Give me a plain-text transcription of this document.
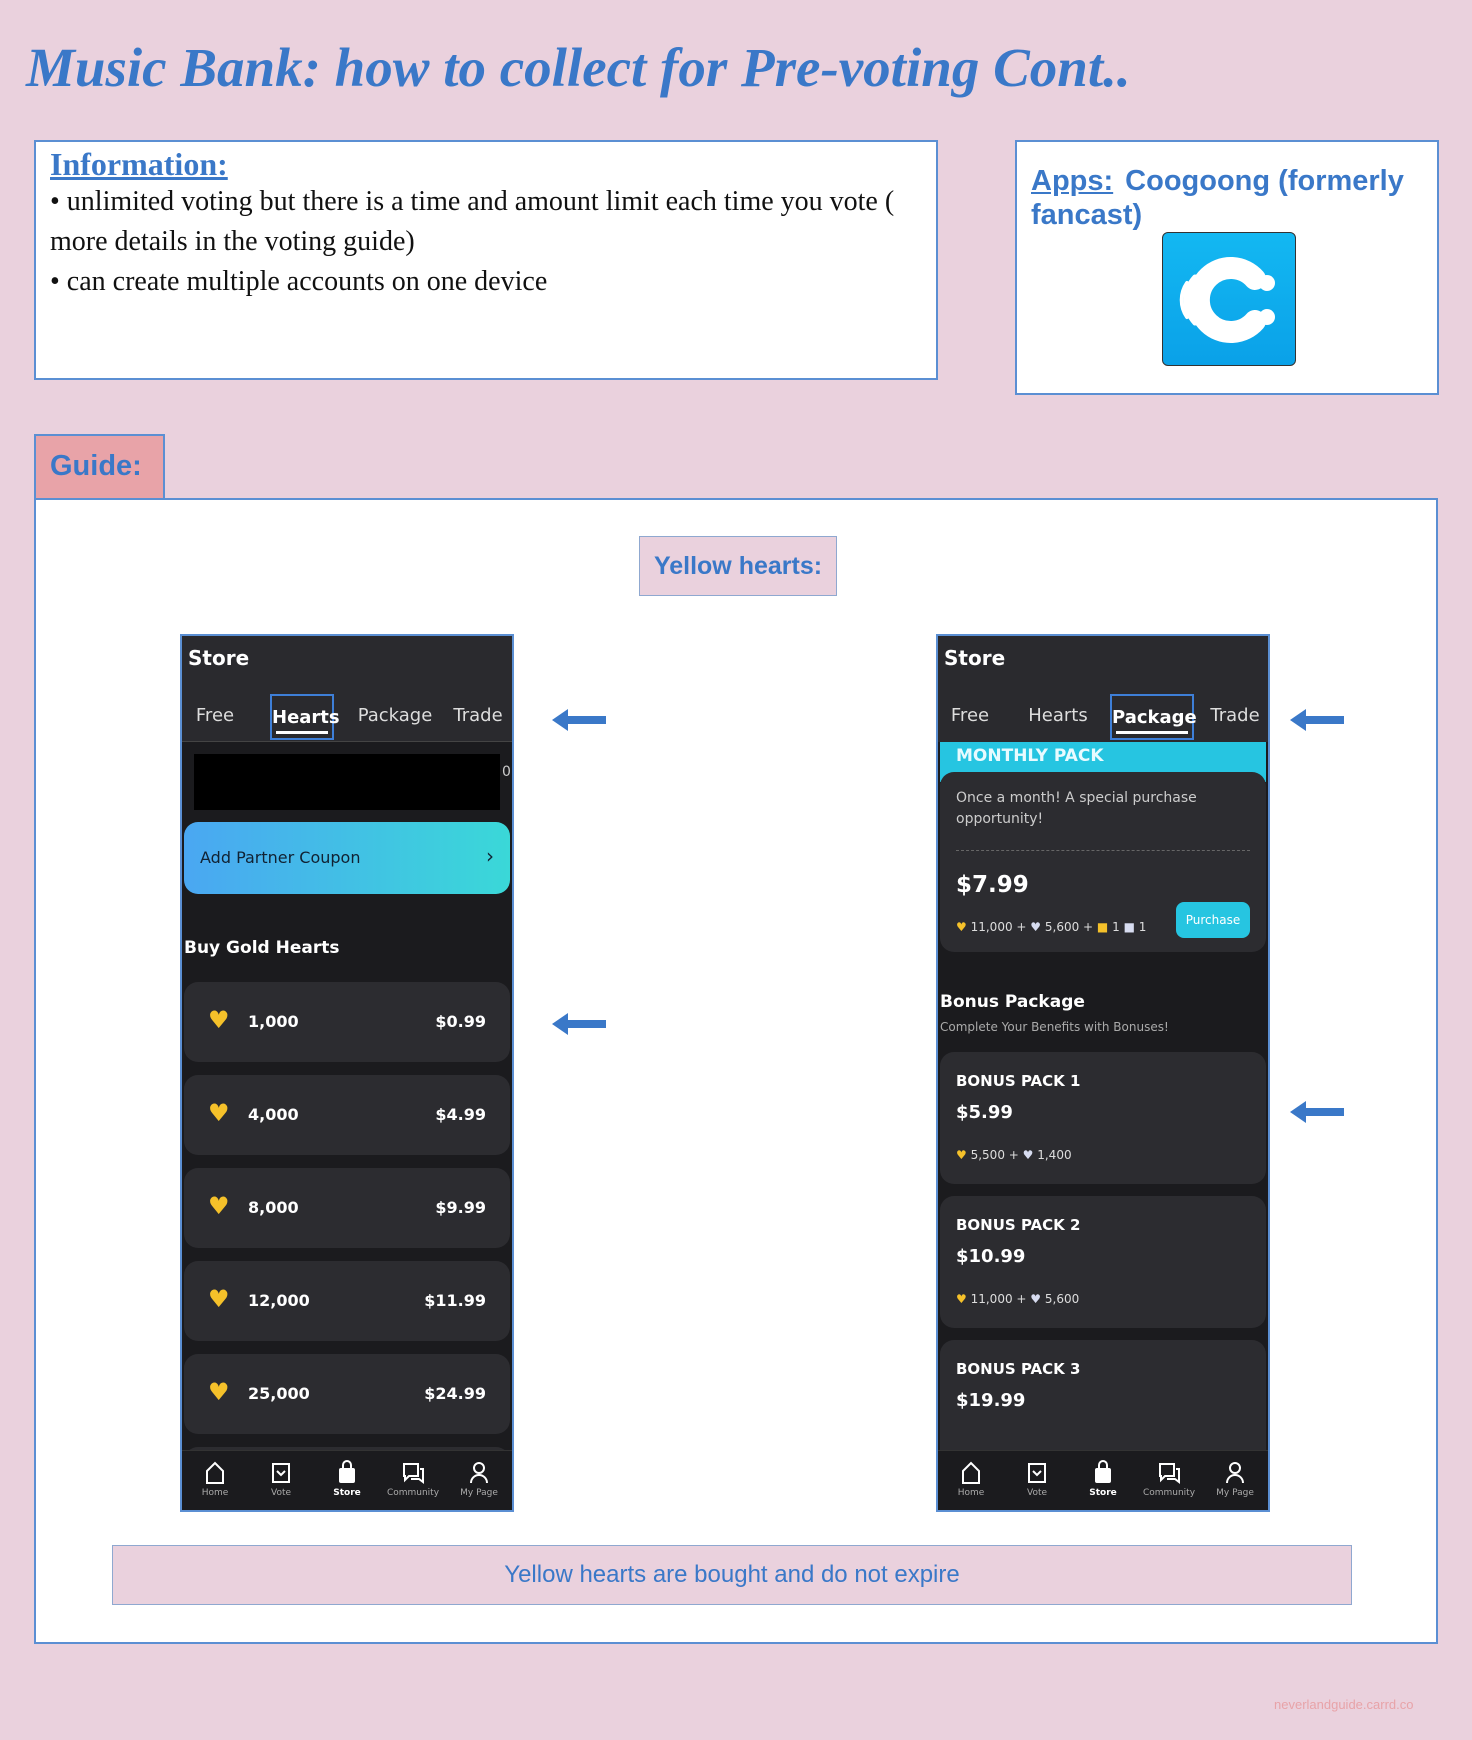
Music Bank: how to collect for Pre-voting Cont..
Information:
• unlimited voting but there is a time and amount limit each time you vote (
more details in the voting guide)
• can create multiple accounts on one device
Apps: Coogoong (formerly
fancast)
Guide:
Yellow hearts:
Store
Free	Hearts Package Trade
0
Add Partner Coupon	›
Buy Gold Hearts
♥ 1,000	$0.99
♥ 4,000	$4.99
♥ 8,000	$9.99
♥ 12,000	$11.99
♥ 25,000	$24.99
Home	Vote	Store	Community	My Page
Store
Free	Hearts	Package Trade
MONTHLY PACK
Once a month! A special purchase opportunity!
$7.99
♥ 11,000 + ♥ 5,600 + ■ 1 ■ 1	Purchase
Bonus Package
Complete Your Benefits with Bonuses!
BONUS PACK 1
$5.99
♥ 5,500 + ♥ 1,400
BONUS PACK 2
$10.99
♥ 11,000 + ♥ 5,600
BONUS PACK 3
$19.99
Home	Vote	Store	Community	My Page
Yellow hearts are bought and do not expire
neverlandguide.carrd.co
